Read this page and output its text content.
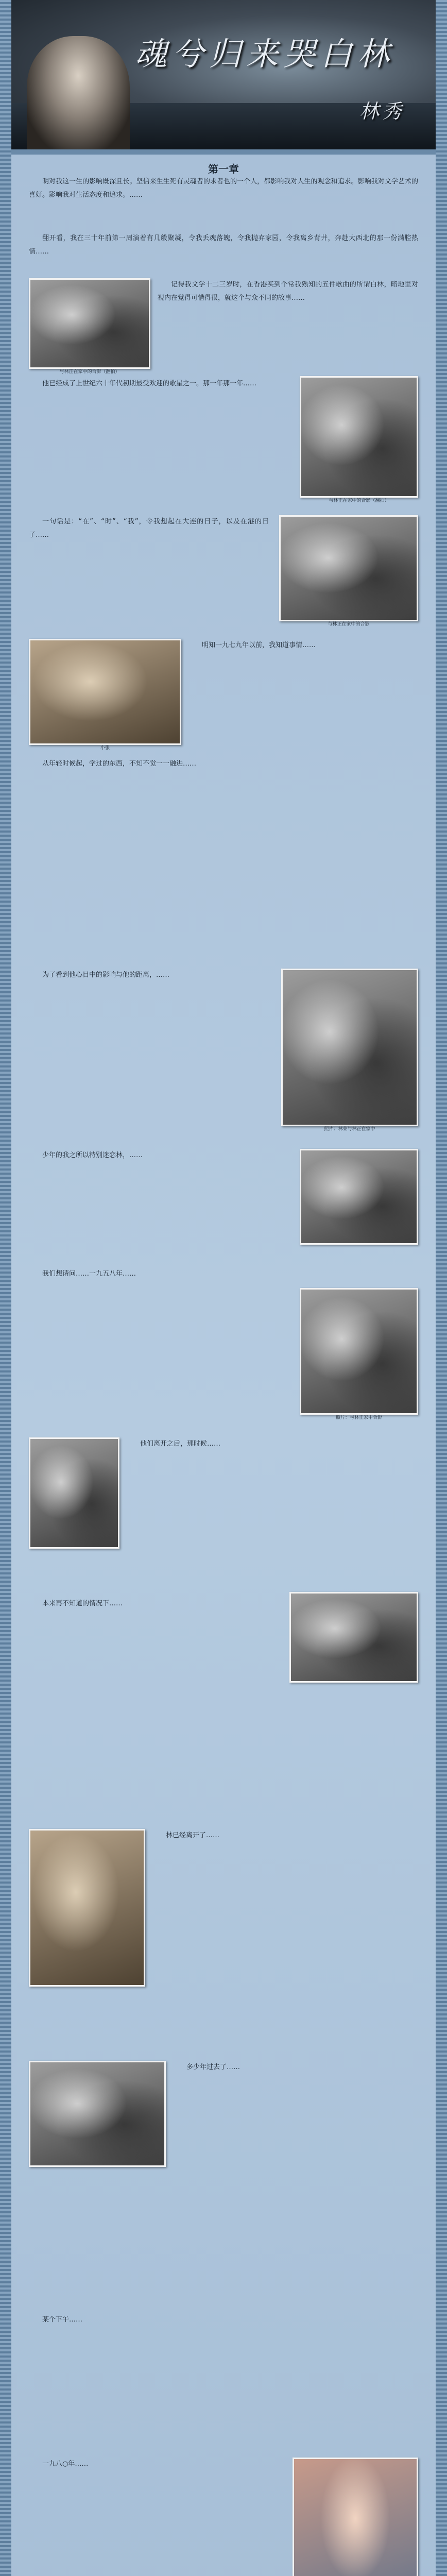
魂兮归来哭白林
林秀
第一章

明对我这一生的影响既深且长。坚信来生生死有灵魂者的求者也的一个人，都影响我对人生的观念和追求。影响我对文学艺术的喜好。影响我对生活态度和追求。……

翻开看，我在三十年前第一周演着有几般聚凝，令我丢魂落魄，令我抛弃家园，令我离乡背井，奔赴大西北的那一份满腔热情……

与林正在家中的合影（翻拍）

记得我文学十二三岁时，在香港买到个常我熟知的五件歌曲的所谓白林，暗地里对视内在觉得可惜得很，就这个与众不同的故事……

与林正在家中的合影（翻拍）

他已经成了上世纪六十年代初期最受欢迎的歌星之一。那一年那一年……

与林正在家中的合影

一句话是：“在”、“时”、“我”，令我想起在大连的日子，以及在港的日子……

小张

明知一九七九年以前，我知道事情……

从年轻时候起，学过的东西，不知不觉一一融进……

照片：林荣与林正在家中

为了看到他心目中的影响与他的距离，……

少年的我之所以特别迷恋林，……

照片：与林正家中合影

我们想请问……一九五八年……

他们离开之后，那时候……

本来再不知道的情况下……

林已经离开了……

多少年过去了……

某个下午……

一九八○年……
